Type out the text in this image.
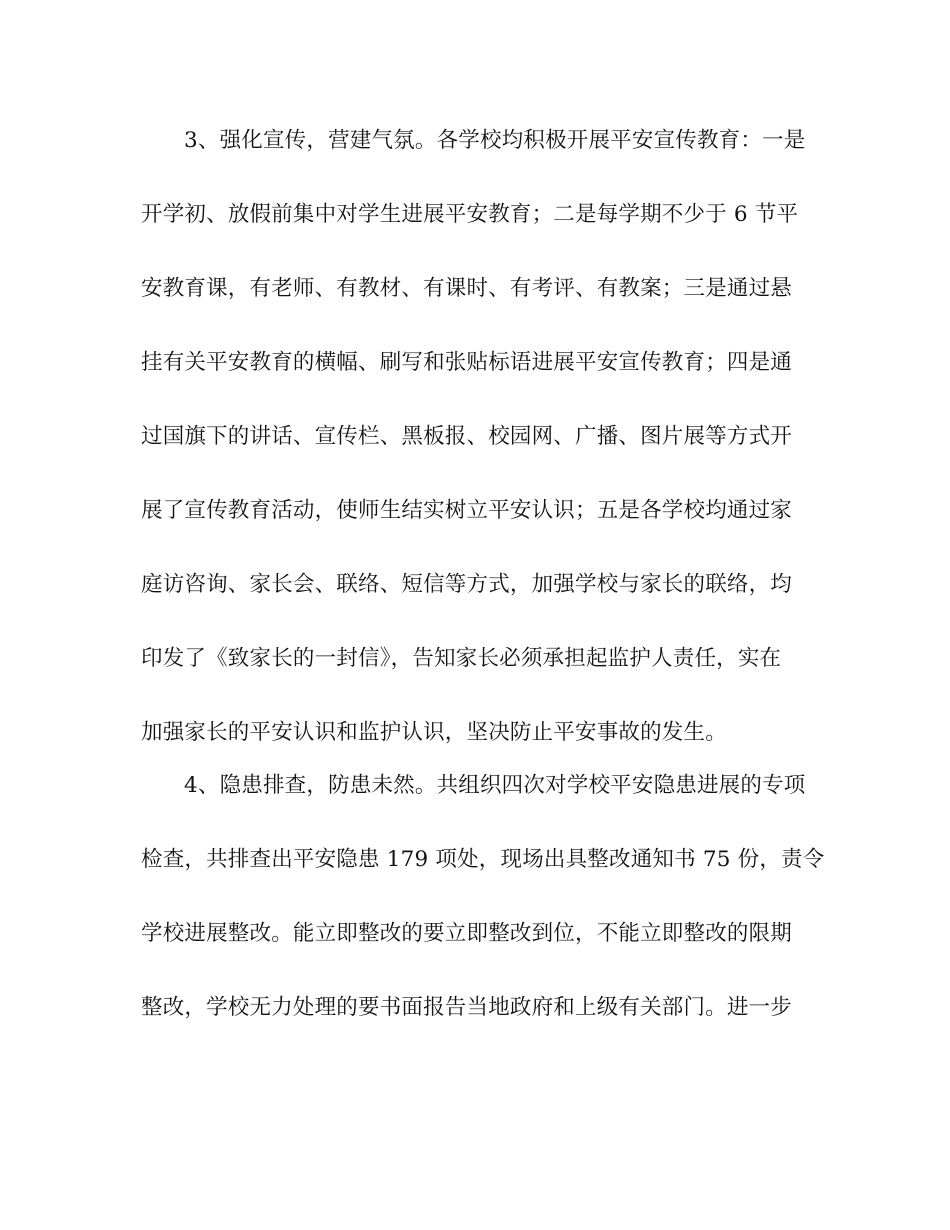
3、强化宣传，营建气氛。各学校均积极开展平安宣传教育：一是
开学初、放假前集中对学生进展平安教育；二是每学期不少于 6 节平
安教育课，有老师、有教材、有课时、有考评、有教案；三是通过悬
挂有关平安教育的横幅、刷写和张贴标语进展平安宣传教育；四是通
过国旗下的讲话、宣传栏、黑板报、校园网、广播、图片展等方式开
展了宣传教育活动，使师生结实树立平安认识；五是各学校均通过家
庭访咨询、家长会、联络、短信等方式，加强学校与家长的联络，均
印发了《致家长的一封信》，告知家长必须承担起监护人责任，实在
加强家长的平安认识和监护认识，坚决防止平安事故的发生。
4、隐患排查，防患未然。共组织四次对学校平安隐患进展的专项
检查，共排查出平安隐患 179 项处，现场出具整改通知书 75 份，责令
学校进展整改。能立即整改的要立即整改到位，不能立即整改的限期
整改，学校无力处理的要书面报告当地政府和上级有关部门。进一步
